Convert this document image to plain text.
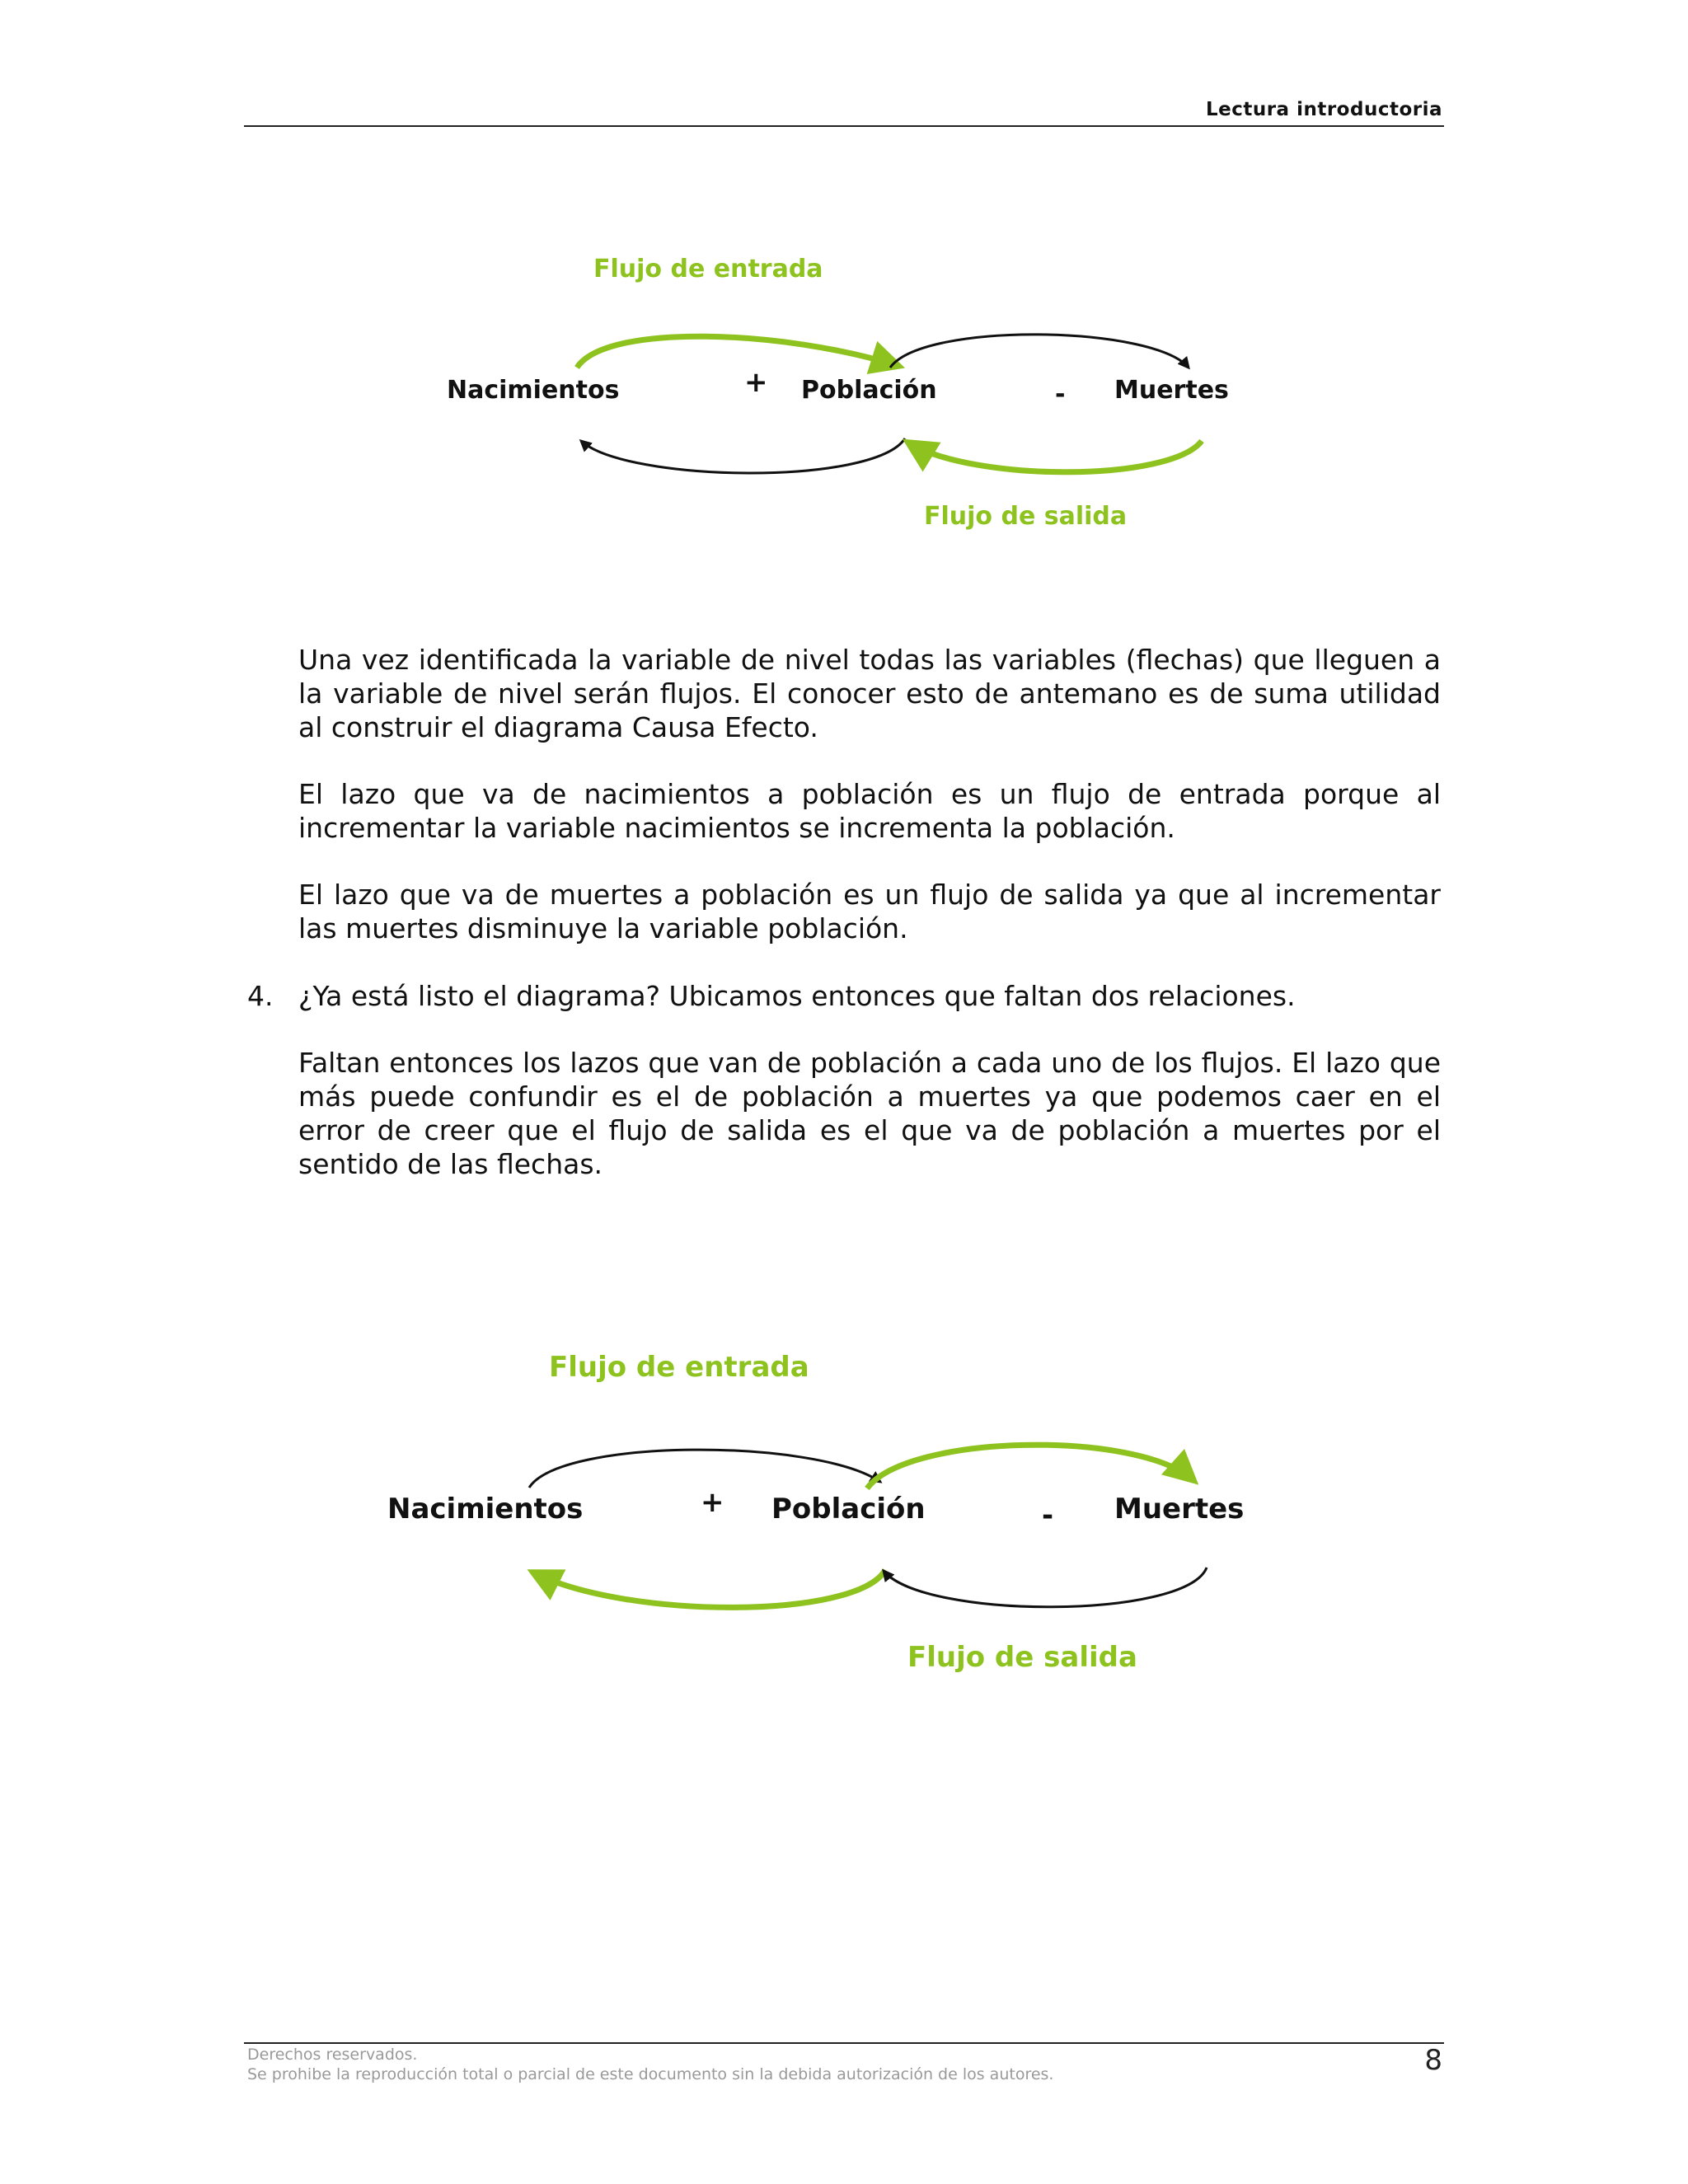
Lectura introductoria
Flujo de entrada
Nacimientos	+ Población	- Muertes
Flujo de salida
Flujo de entrada
Nacimientos	+ Población	- Muertes
Flujo de salida
Una vez identificada la variable de nivel todas las variables (flechas) que lleguen a la variable de nivel serán flujos. El conocer esto de antemano es de suma utilidad al construir el diagrama Causa Efecto.
El lazo que va de nacimientos a población es un flujo de entrada porque al incrementar la variable nacimientos se incrementa la población.
El lazo que va de muertes a población es un flujo de salida ya que al incrementar las muertes disminuye la variable población.
4. ¿Ya está listo el diagrama? Ubicamos entonces que faltan dos relaciones.
Faltan entonces los lazos que van de población a cada uno de los flujos. El lazo que más puede confundir es el de población a muertes ya que podemos caer en el error de creer que el flujo de salida es el que va de población a muertes por el sentido de las flechas.
Derechos reservados.
Se prohibe la reproducción total o parcial de este documento sin la debida autorización de los autores.	8
